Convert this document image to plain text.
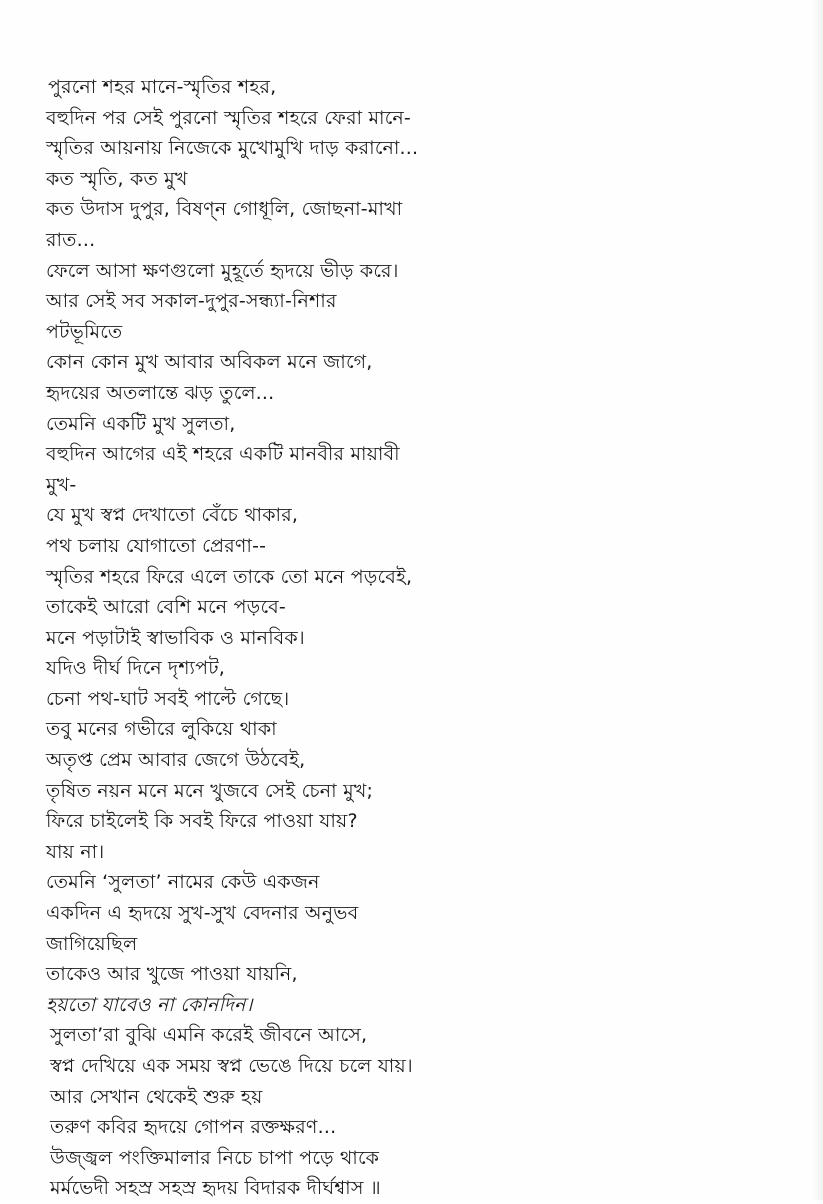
পুরনো শহর মানে-স্মৃতির শহর,
বহুদিন পর সেই পুরনো স্মৃতির শহরে ফেরা মানে-
স্মৃতির আয়নায় নিজেকে মুখোমুখি দাড় করানো...
কত স্মৃতি, কত মুখ
কত উদাস দুপুর, বিষণ্ন গোধূলি, জোছনা-মাখা
রাত...
ফেলে আসা ক্ষণগুলো মুহূর্তে হৃদয়ে ভীড় করে।
আর সেই সব সকাল-দুপুর-সন্ধ্যা-নিশার
পটভূমিতে
কোন কোন মুখ আবার অবিকল মনে জাগে,
হৃদয়ের অতলান্তে ঝড় তুলে...
তেমনি একটি মুখ সুলতা,
বহুদিন আগের এই শহরে একটি মানবীর মায়াবী
মুখ-
যে মুখ স্বপ্ন দেখাতো বেঁচে থাকার,
পথ চলায় যোগাতো প্রেরণা--
স্মৃতির শহরে ফিরে এলে তাকে তো মনে পড়বেই,
তাকেই আরো বেশি মনে পড়বে-
মনে পড়াটাই স্বাভাবিক ও মানবিক।
যদিও দীর্ঘ দিনে দৃশ্যপট,
চেনা পথ-ঘাট সবই পাল্টে গেছে।
তবু মনের গভীরে লুকিয়ে থাকা
অতৃপ্ত প্রেম আবার জেগে উঠবেই,
তৃষিত নয়ন মনে মনে খুজবে সেই চেনা মুখ;
ফিরে চাইলেই কি সবই ফিরে পাওয়া যায়?
যায় না।
তেমনি ‘সুলতা’ নামের কেউ একজন
একদিন এ হৃদয়ে সুখ-সুখ বেদনার অনুভব
জাগিয়েছিল
তাকেও আর খুজে পাওয়া যায়নি,
হয়তো যাবেও না কোনদিন।
সুলতা’রা বুঝি এমনি করেই জীবনে আসে,
স্বপ্ন দেখিয়ে এক সময় স্বপ্ন ভেঙে দিয়ে চলে যায়।
আর সেখান থেকেই শুরু হয়
তরুণ কবির হৃদয়ে গোপন রক্তক্ষরণ...
উজ্জ্বল পংক্তিমালার নিচে চাপা পড়ে থাকে
মর্মভেদী সহস্র সহস্র হৃদয় বিদারক দীর্ঘশ্বাস ॥
